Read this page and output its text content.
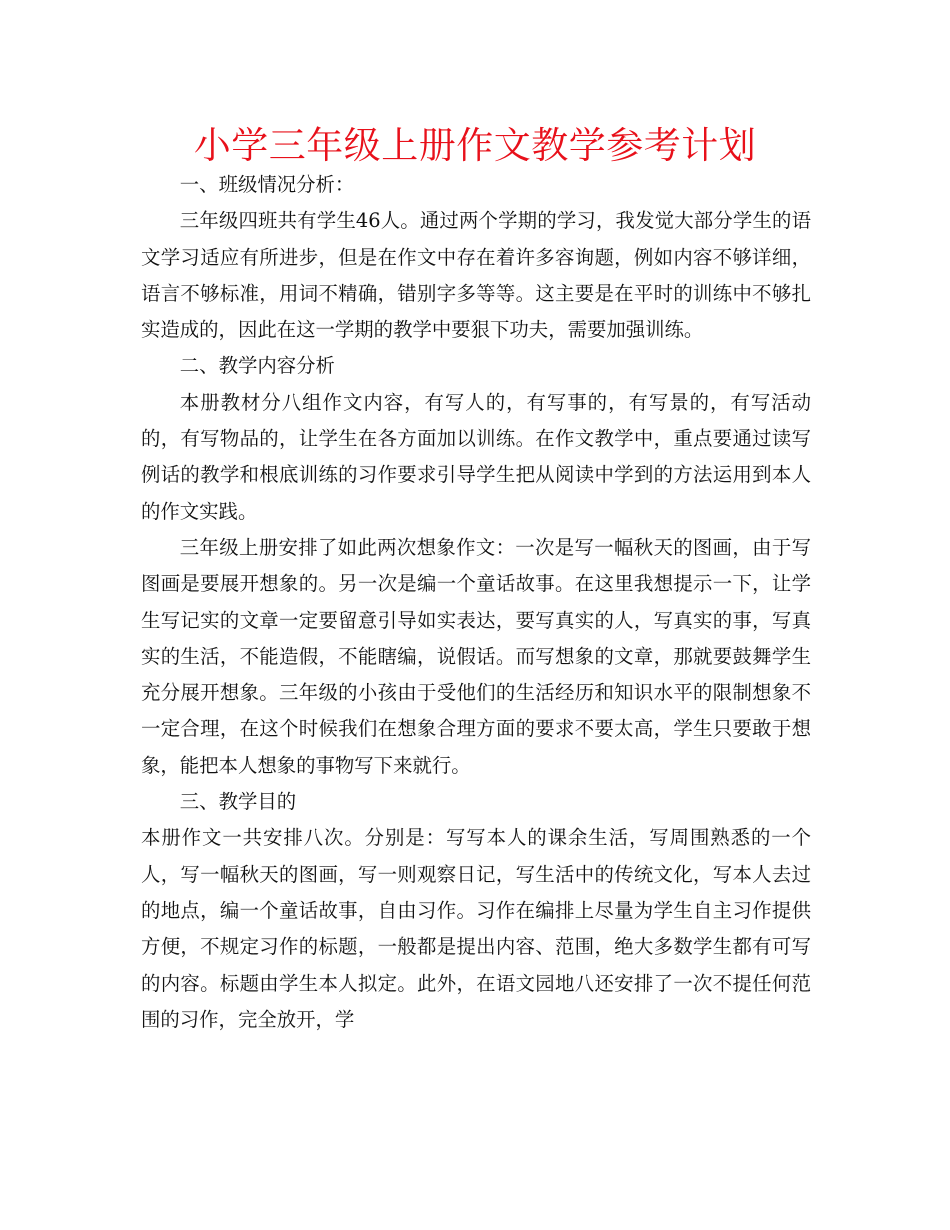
小学三年级上册作文教学参考计划

一、班级情况分析：

三年级四班共有学生46人。通过两个学期的学习，我发觉大部分学生的语文学习适应有所进步，但是在作文中存在着许多容询题，例如内容不够详细，语言不够标准，用词不精确，错别字多等等。这主要是在平时的训练中不够扎实造成的，因此在这一学期的教学中要狠下功夫，需要加强训练。

二、教学内容分析

本册教材分八组作文内容，有写人的，有写事的，有写景的，有写活动的，有写物品的，让学生在各方面加以训练。在作文教学中，重点要通过读写例话的教学和根底训练的习作要求引导学生把从阅读中学到的方法运用到本人的作文实践。

三年级上册安排了如此两次想象作文：一次是写一幅秋天的图画，由于写图画是要展开想象的。另一次是编一个童话故事。在这里我想提示一下，让学生写记实的文章一定要留意引导如实表达，要写真实的人，写真实的事，写真实的生活，不能造假，不能瞎编，说假话。而写想象的文章，那就要鼓舞学生充分展开想象。三年级的小孩由于受他们的生活经历和知识水平的限制想象不一定合理，在这个时候我们在想象合理方面的要求不要太高，学生只要敢于想象，能把本人想象的事物写下来就行。

三、教学目的

本册作文一共安排八次。分别是：写写本人的课余生活，写周围熟悉的一个人，写一幅秋天的图画，写一则观察日记，写生活中的传统文化，写本人去过的地点，编一个童话故事，自由习作。习作在编排上尽量为学生自主习作提供方便，不规定习作的标题，一般都是提出内容、范围，绝大多数学生都有可写的内容。标题由学生本人拟定。此外，在语文园地八还安排了一次不提任何范围的习作，完全放开，学
